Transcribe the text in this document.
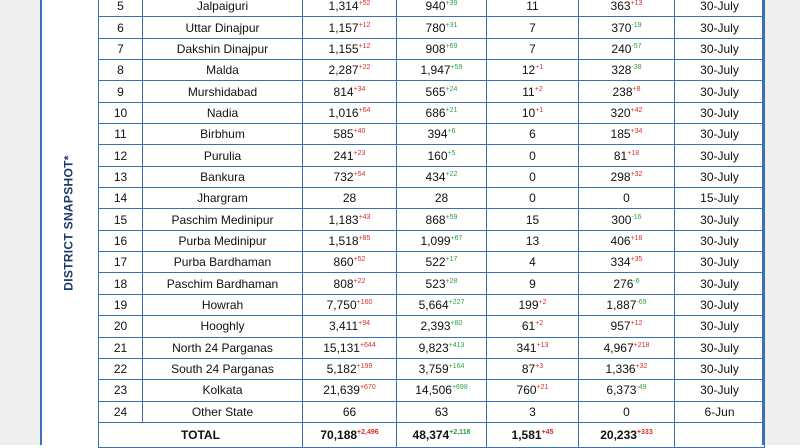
DISTRICT SNAPSHOT*
5	Jalpaiguri	$1,314^{+52}$	$940^{+39}$	11	$363^{+13}$	30-July
6	Uttar Dinajpur	$1,157^{+12}$	$780^{+31}$	7	$370^{-19}$	30-July
7	Dakshin Dinajpur	$1,155^{+12}$	$908^{+69}$	7	$240^{-57}$	30-July
8	Malda	$2,287^{+22}$	$1,947^{+59}$	$12^{+1}$	$328^{-38}$	30-July
9	Murshidabad	$814^{+34}$	$565^{+24}$	$11^{+2}$	$238^{+8}$	30-July
10	Nadia	$1,016^{+64}$	$686^{+21}$	$10^{+1}$	$320^{+42}$	30-July
11	Birbhum	$585^{+40}$	$394^{+6}$	6	$185^{+34}$	30-July
12	Purulia	$241^{+23}$	$160^{+5}$	0	$81^{+18}$	30-July
13	Bankura	$732^{+54}$	$434^{+22}$	0	$298^{+32}$	30-July
14	Jhargram	28	28	0	0	15-July
15	Paschim Medinipur	$1,183^{+43}$	$868^{+59}$	15	$300^{-16}$	30-July
16	Purba Medinipur	$1,518^{+85}$	$1,099^{+67}$	13	$406^{+18}$	30-July
17	Purba Bardhaman	$860^{+52}$	$522^{+17}$	4	$334^{+35}$	30-July
18	Paschim Bardhaman	$808^{+22}$	$523^{+28}$	9	$276^{-6}$	30-July
19	Howrah	$7,750^{+160}$	$5,664^{+227}$	$199^{+2}$	$1,887^{-69}$	30-July
20	Hooghly	$3,411^{+94}$	$2,393^{+80}$	$61^{+2}$	$957^{+12}$	30-July
21	North 24 Parganas	$15,131^{+644}$	$9,823^{+413}$	$341^{+13}$	$4,967^{+218}$	30-July
22	South 24 Parganas	$5,182^{+199}$	$3,759^{+164}$	$87^{+3}$	$1,336^{+32}$	30-July
23	Kolkata	$21,639^{+670}$	$14,506^{+698}$	$760^{+21}$	$6,373^{-49}$	30-July
24	Other State	66	63	3	0	6-Jun
TOTAL		$70,188^{+2,496}$	$48,374^{+2,118}$	$1,581^{+45}$	$20,233^{+333}$	
